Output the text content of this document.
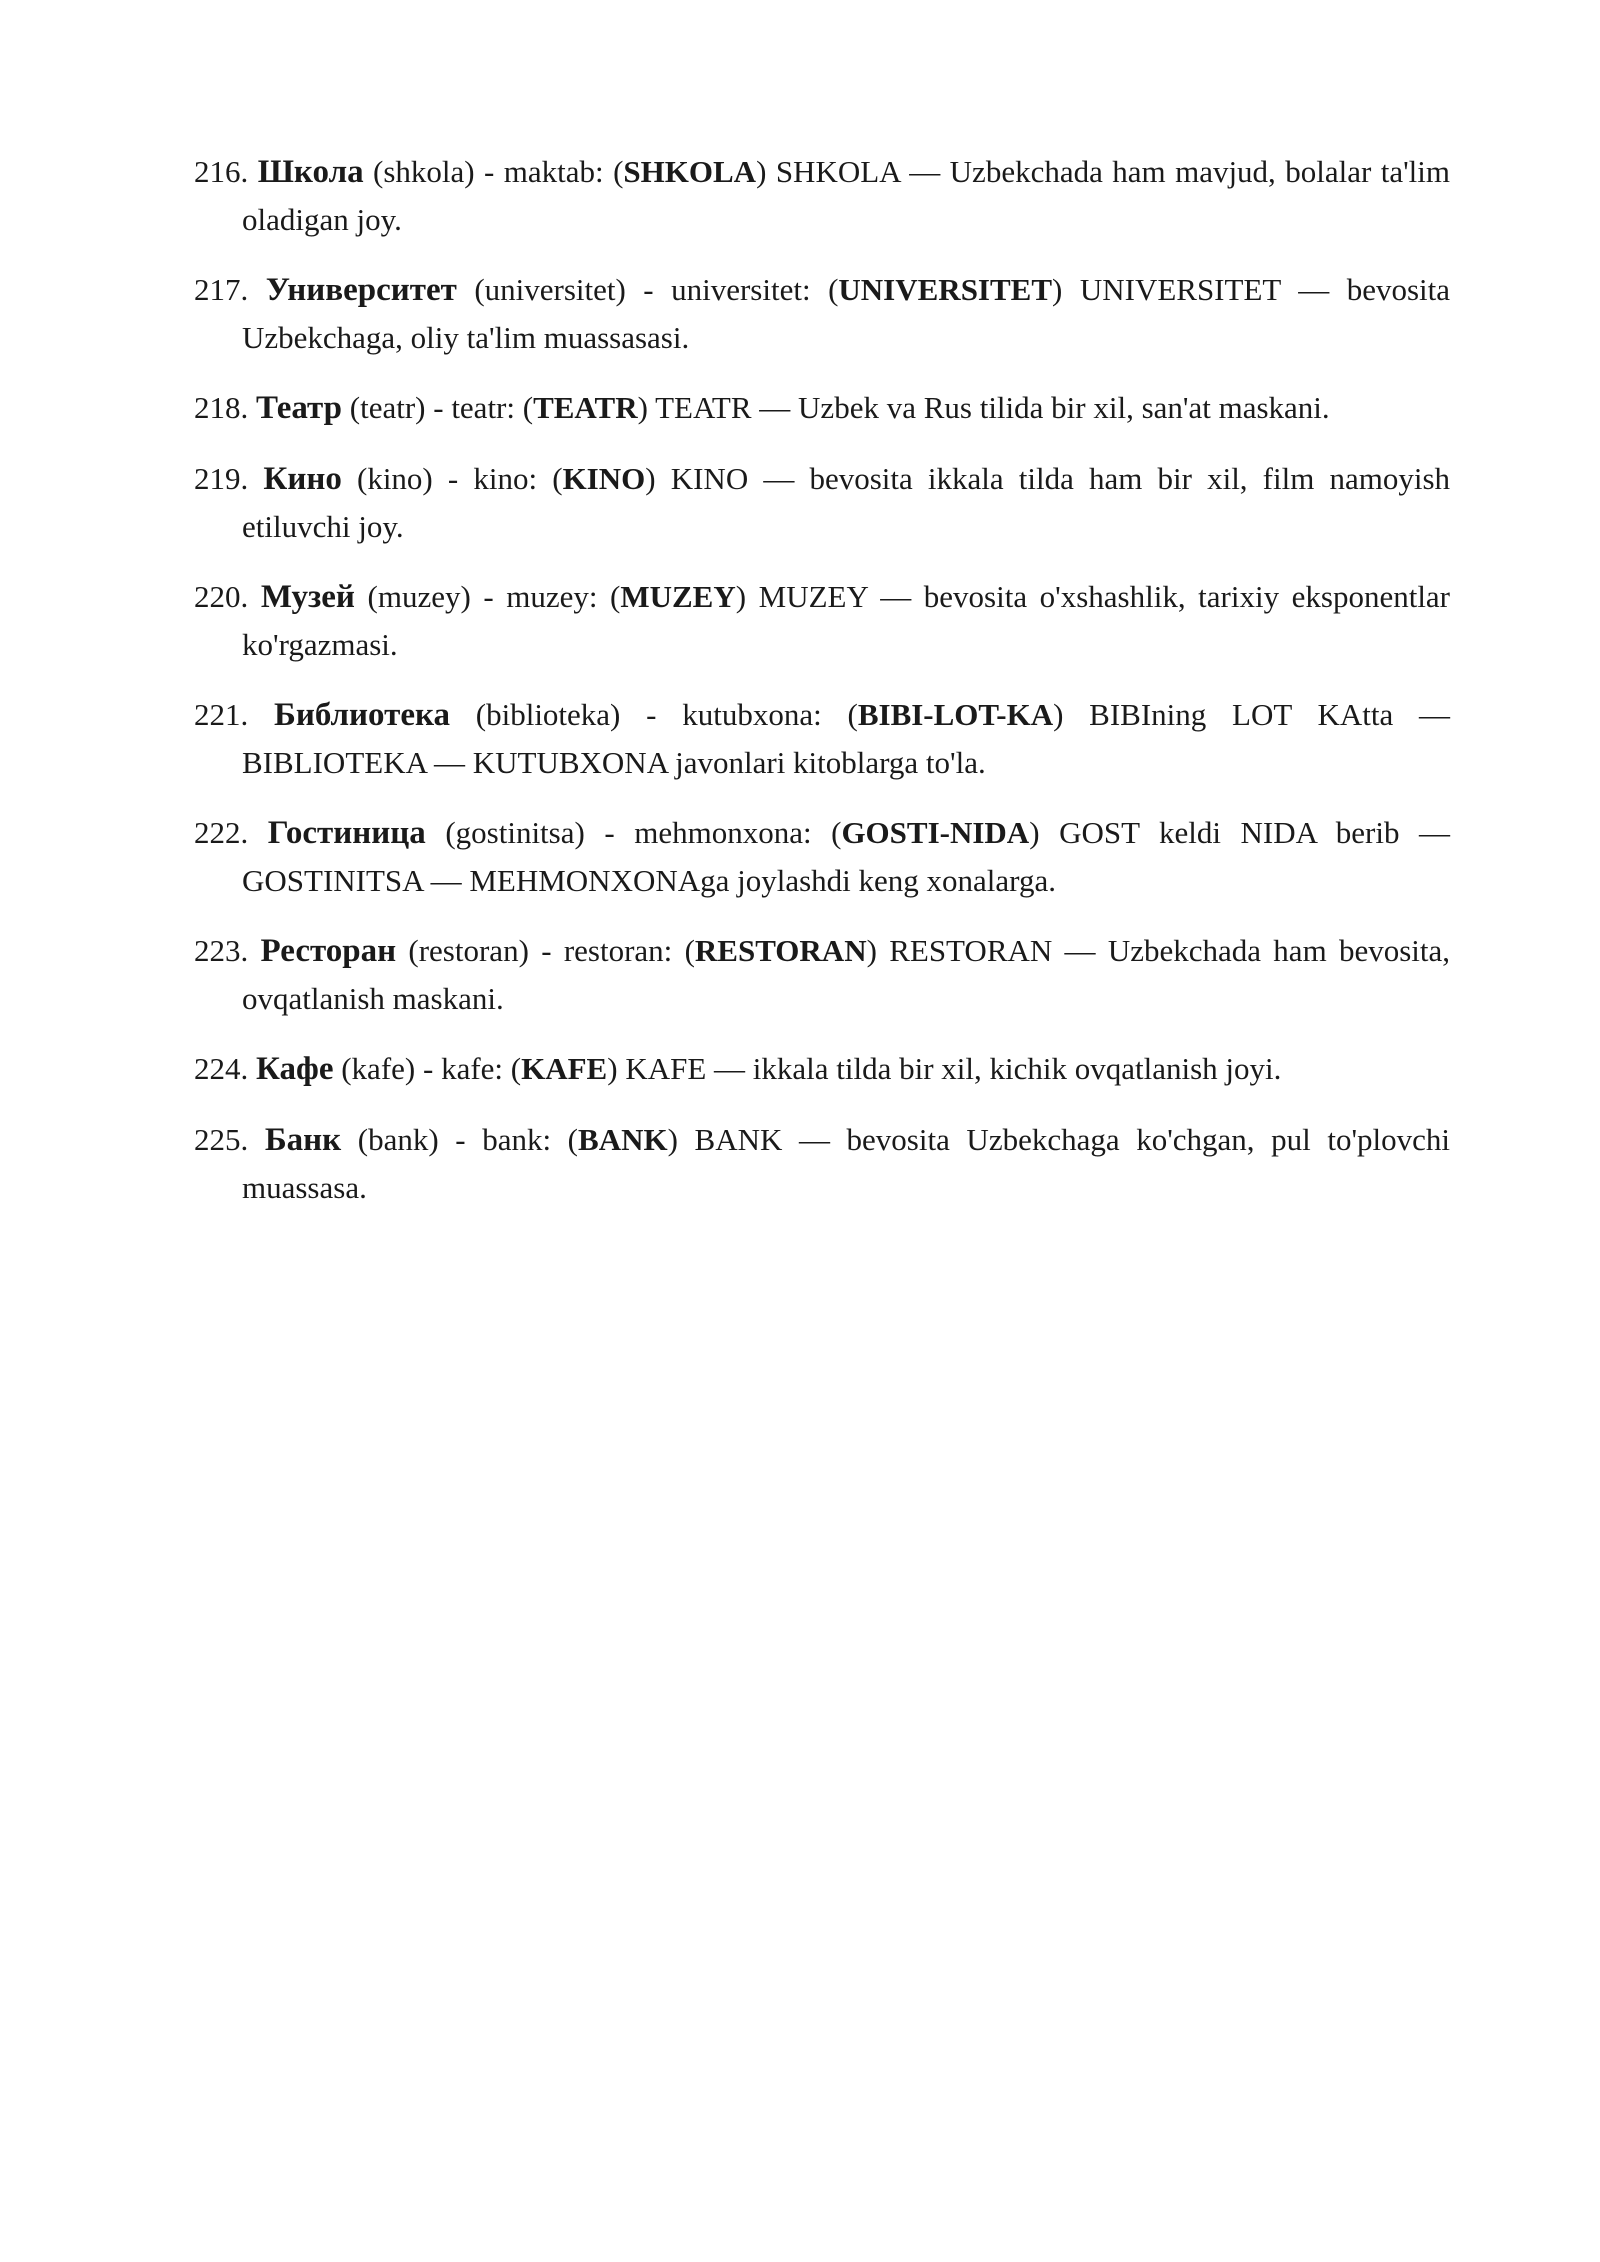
216. Школа (shkola) - maktab: (SHKOLA) SHKOLA — Uzbekchada ham mavjud, bolalar ta'lim oladigan joy.

217. Университет (universitet) - universitet: (UNIVERSITET) UNIVERSITET — bevosita Uzbekchaga, oliy ta'lim muassasasi.

218. Театр (teatr) - teatr: (TEATR) TEATR — Uzbek va Rus tilida bir xil, san'at maskani.

219. Кино (kino) - kino: (KINO) KINO — bevosita ikkala tilda ham bir xil, film namoyish etiluvchi joy.

220. Музей (muzey) - muzey: (MUZEY) MUZEY — bevosita o'xshashlik, tarixiy eksponentlar ko'rgazmasi.

221. Библиотека (biblioteka) - kutubxona: (BIBI-LOT-KA) BIBIning LOT KAtta — BIBLIOTEKA — KUTUBXONA javonlari kitoblarga to'la.

222. Гостиница (gostinitsa) - mehmonxona: (GOSTI-NIDA) GOST keldi NIDA berib — GOSTINITSA — MEHMONXONAga joylashdi keng xonalarga.

223. Ресторан (restoran) - restoran: (RESTORAN) RESTORAN — Uzbekchada ham bevosita, ovqatlanish maskani.

224. Кафе (kafe) - kafe: (KAFE) KAFE — ikkala tilda bir xil, kichik ovqatlanish joyi.

225. Банк (bank) - bank: (BANK) BANK — bevosita Uzbekchaga ko'chgan, pul to'plovchi muassasa.
